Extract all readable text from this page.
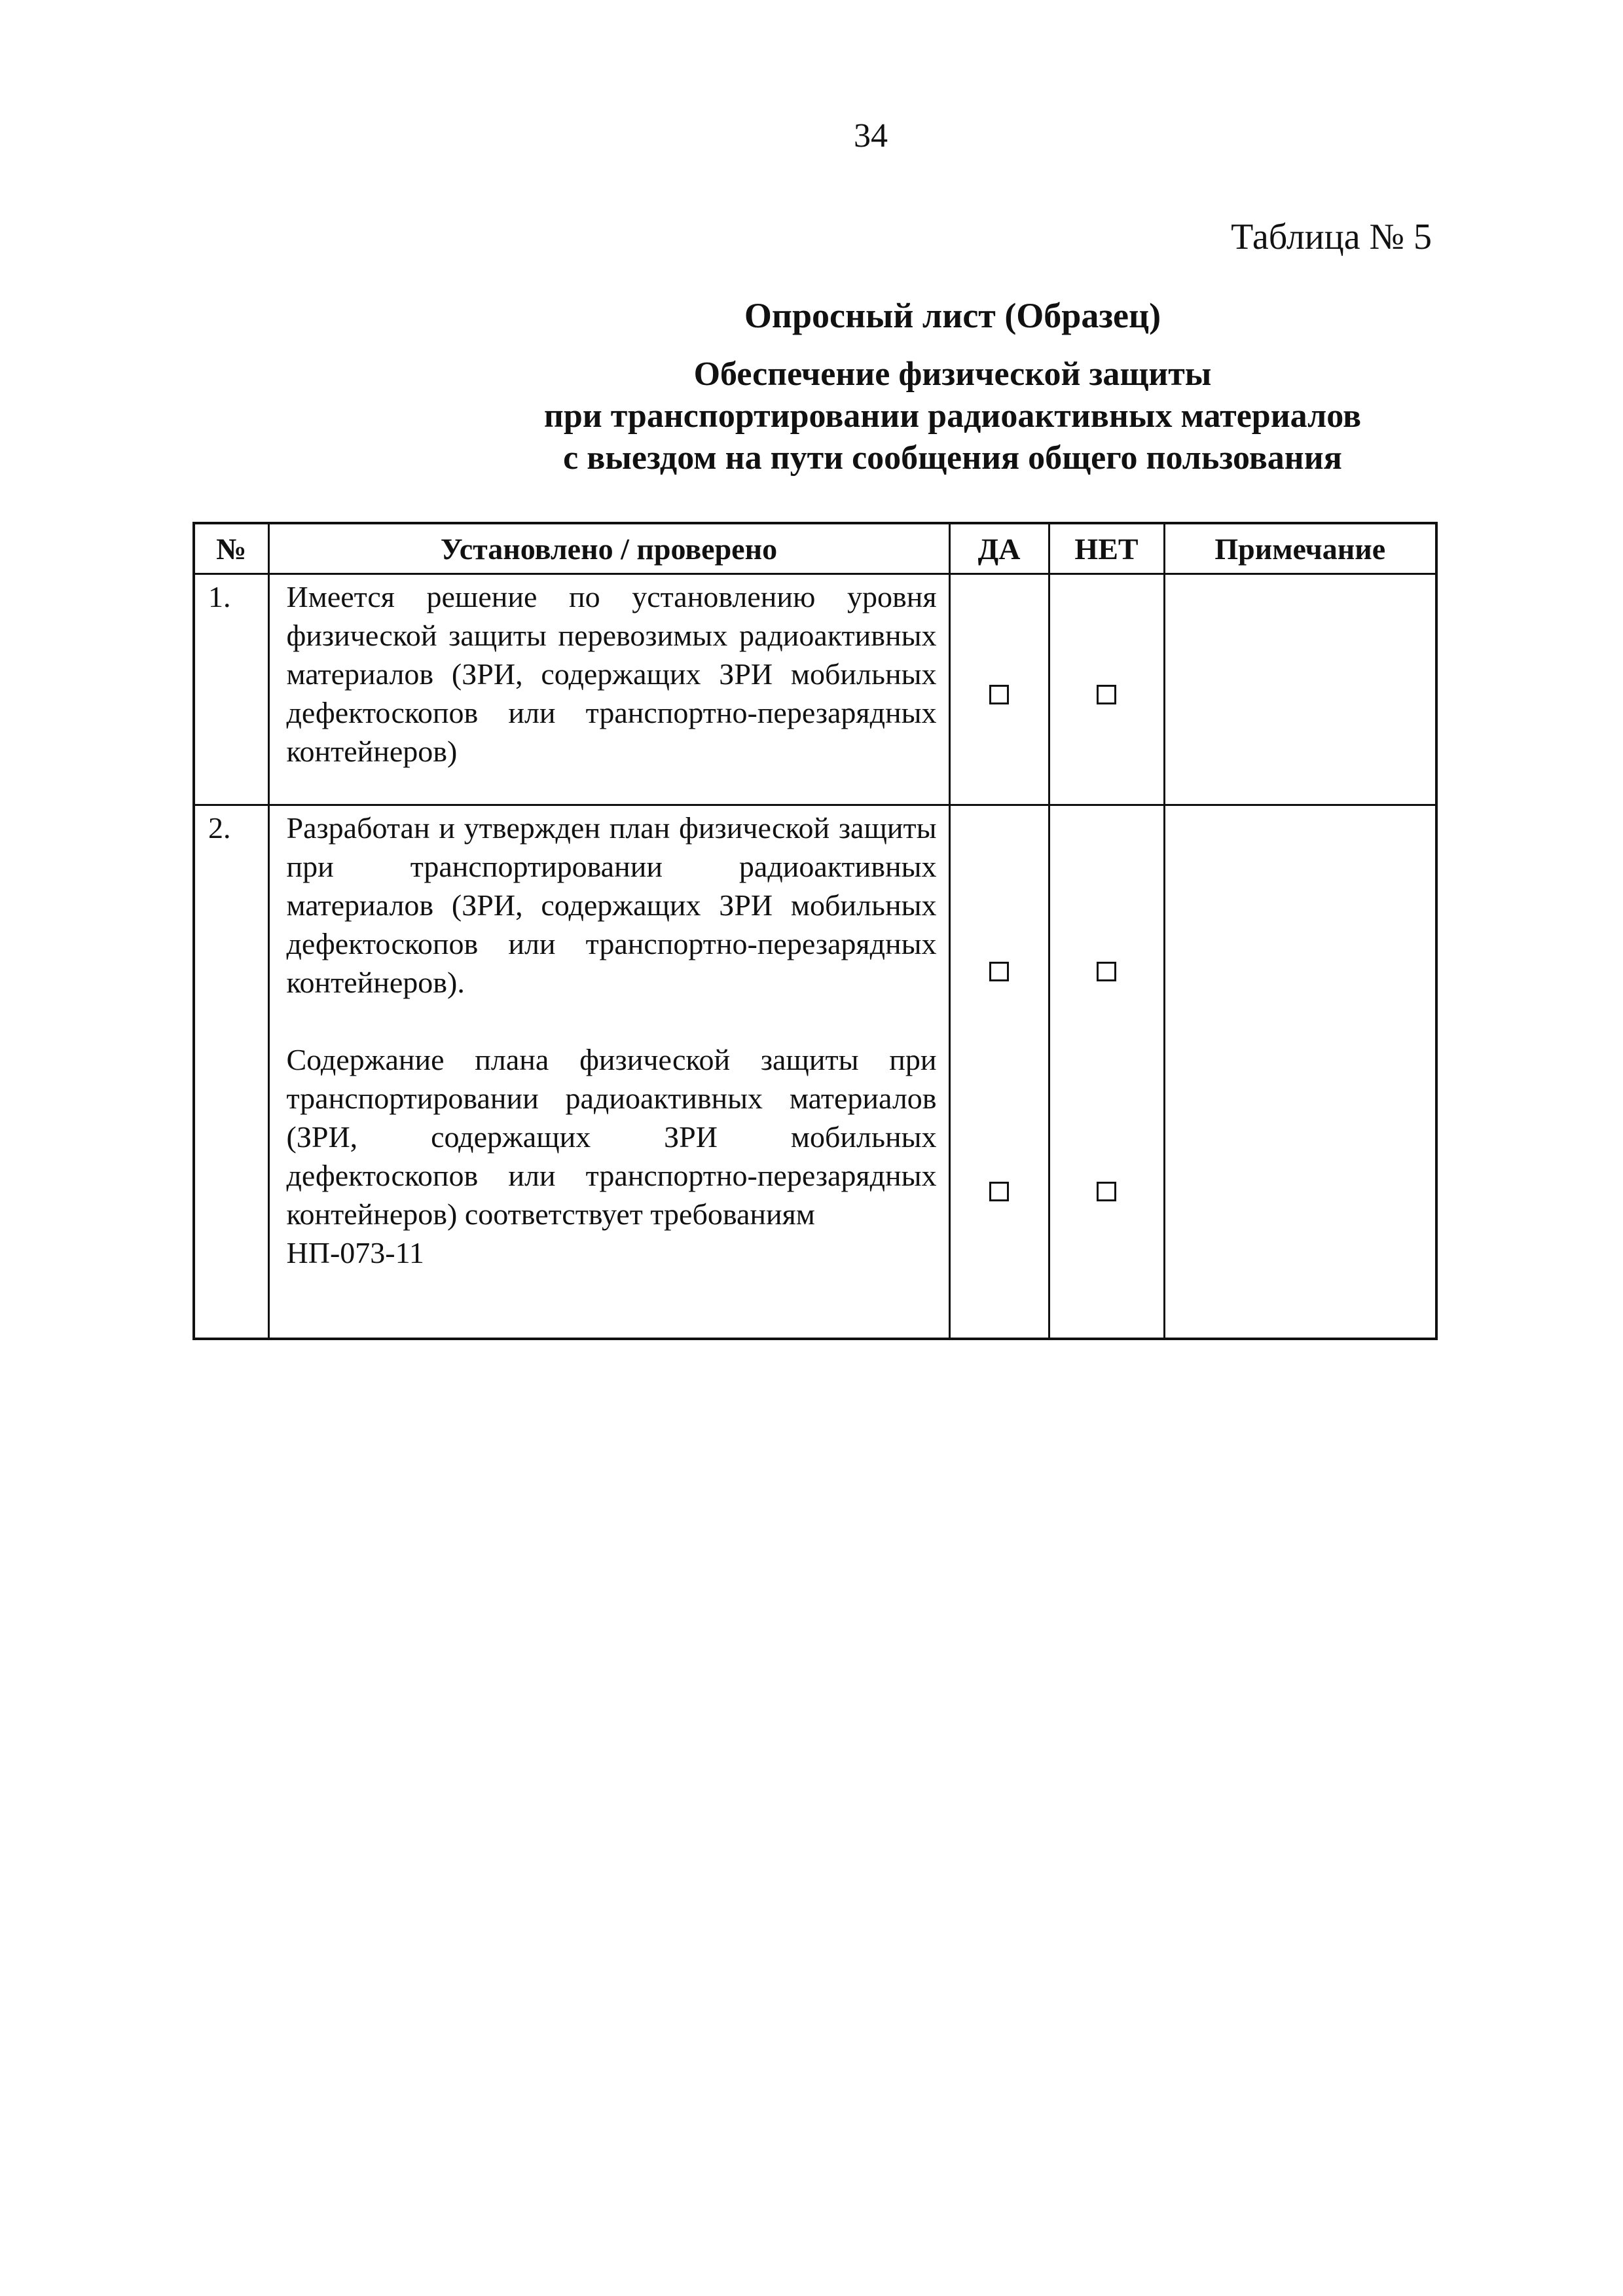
34
Таблица № 5
Опросный лист (Образец)
Обеспечение физической защиты
при транспортировании радиоактивных материалов
с выездом на пути сообщения общего пользования
№	Установлено / проверено	ДА	НЕТ	Примечание
1.	Имеется решение по установлению уровня физической защиты перевозимых радиоактивных материалов (ЗРИ, содержащих ЗРИ мобильных дефектоскопов или транспортно-перезарядных контейнеров)			

2.	Разработан и утвержден план физической защиты при транспортировании радиоактивных материалов (ЗРИ, содержащих ЗРИ мобильных дефектоскопов или транспортно-перезарядных контейнеров).
Содержание плана физической защиты при транспортировании радиоактивных материалов (ЗРИ, содержащих ЗРИ мобильных дефектоскопов или транспортно-перезарядных контейнеров) соответствует требованиям
НП-073-11			
